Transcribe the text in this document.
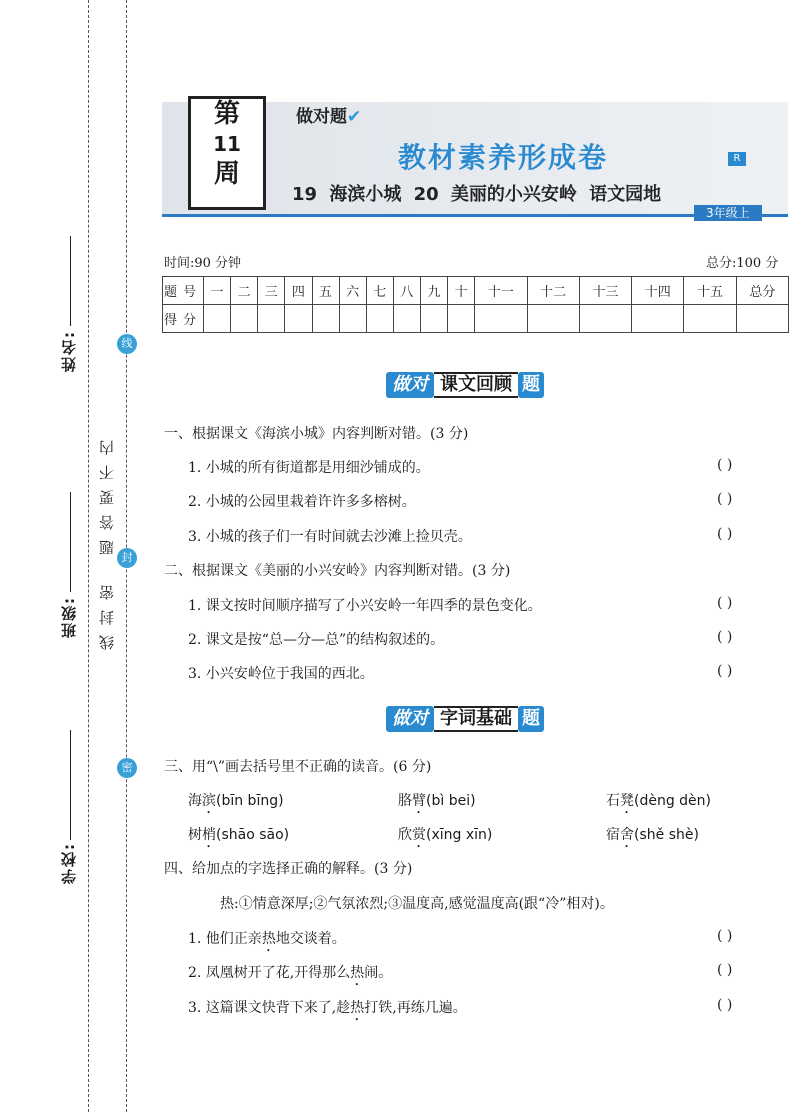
姓名:
班级:
学校:
线
封
密
题答要不内
线封密
第
11
周
做对题✔
教材素养形成卷	R
19 海滨小城 20 美丽的小兴安岭 语文园地
3年级上
时间:90 分钟	总分:100 分
题号	一	二	三	四	五	六	七	八	九	十	十一	十二	十三	十四	十五	总分
得分																
做对 课文回顾 题
一、根据课文《海滨小城》内容判断对错。(3 分)
1. 小城的所有街道都是用细沙铺成的。	( )
2. 小城的公园里栽着许许多多榕树。	( )
3. 小城的孩子们一有时间就去沙滩上捡贝壳。	( )
二、根据课文《美丽的小兴安岭》内容判断对错。(3 分)
1. 课文按时间顺序描写了小兴安岭一年四季的景色变化。	( )
2. 课文是按“总—分—总”的结构叙述的。	( )
3. 小兴安岭位于我国的西北。	( )
做对 字词基础 题
三、用“\”画去括号里不正确的读音。(6 分)
海滨(bīn bīng)	胳臂(bì bei)	石凳(dèng dèn)
树梢(shāo sāo)	欣赏(xīng xīn)	宿舍(shě shè)
四、给加点的字选择正确的解释。(3 分)
热:①情意深厚;②气氛浓烈;③温度高,感觉温度高(跟“冷”相对)。
1. 他们正亲热地交谈着。	( )
2. 凤凰树开了花,开得那么热闹。	( )
3. 这篇课文快背下来了,趁热打铁,再练几遍。	( )
